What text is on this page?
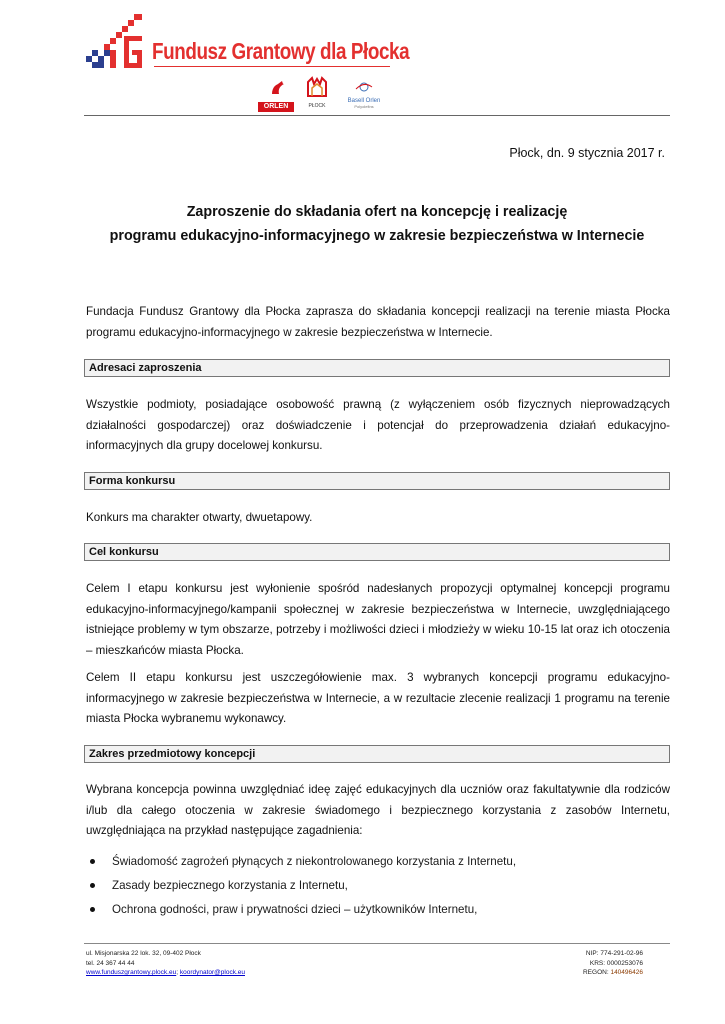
Fundusz Grantowy dla Płocka
ORLEN	PŁOCK
Basell Orlen
Polyolefins
Płock, dn. 9 stycznia 2017 r.
Zaproszenie do składania ofert na koncepcję i realizację
programu edukacyjno-informacyjnego w zakresie bezpieczeństwa w Internecie

Fundacja Fundusz Grantowy dla Płocka zaprasza do składania koncepcji realizacji na terenie miasta Płocka programu edukacyjno-informacyjnego w zakresie bezpieczeństwa w Internecie.

Adresaci zaproszenia

Wszystkie podmioty, posiadające osobowość prawną (z wyłączeniem osób fizycznych nieprowadzących działalności gospodarczej) oraz doświadczenie i potencjał do przeprowadzenia działań edukacyjno-informacyjnych dla grupy docelowej konkursu.

Forma konkursu

Konkurs ma charakter otwarty, dwuetapowy.

Cel konkursu

Celem I etapu konkursu jest wyłonienie spośród nadesłanych propozycji optymalnej koncepcji programu edukacyjno-informacyjnego/kampanii społecznej w zakresie bezpieczeństwa w Internecie, uwzględniającego istniejące problemy w tym obszarze, potrzeby i możliwości dzieci i młodzieży w wieku 10-15 lat oraz ich otoczenia – mieszkańców miasta Płocka.

Celem II etapu konkursu jest uszczegółowienie max. 3 wybranych koncepcji programu edukacyjno-informacyjnego w zakresie bezpieczeństwa w Internecie, a w rezultacie zlecenie realizacji 1 programu na terenie miasta Płocka wybranemu wykonawcy.

Zakres przedmiotowy koncepcji

Wybrana koncepcja powinna uwzględniać ideę zajęć edukacyjnych dla uczniów oraz fakultatywnie dla rodziców i/lub dla całego otoczenia w zakresie świadomego i bezpiecznego korzystania z zasobów Internetu, uwzględniająca na przykład następujące zagadnienia:

Świadomość zagrożeń płynących z niekontrolowanego korzystania z Internetu,
Zasady bezpiecznego korzystania z Internetu,
Ochrona godności, praw i prywatności dzieci – użytkowników Internetu,
ul. Misjonarska 22 lok. 32, 09-402 Płock
tel. 24 367 44 44
www.funduszgrantowy.plock.eu; koordynator@plock.eu
NIP: 774-291-02-96
KRS: 0000253076
REGON: 140496426
